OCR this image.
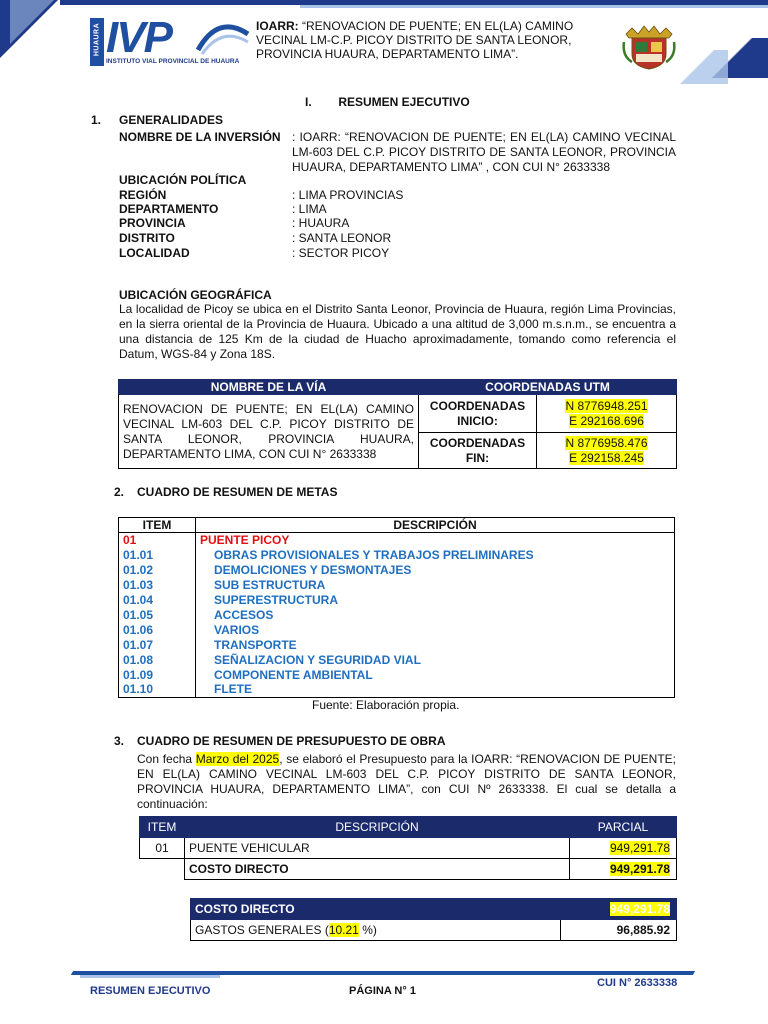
HUAURA IVP
INSTITUTO VIAL PROVINCIAL DE HUAURA
IOARR: “RENOVACION DE PUENTE; EN EL(LA) CAMINO VECINAL LM-C.P. PICOY DISTRITO DE SANTA LEONOR, PROVINCIA HUAURA, DEPARTAMENTO LIMA”.
I.        RESUMEN EJECUTIVO
1. GENERALIDADES
NOMBRE DE LA INVERSIÓN : IOARR: “RENOVACION DE PUENTE; EN EL(LA) CAMINO VECINAL LM-603 DEL C.P. PICOY DISTRITO DE SANTA LEONOR, PROVINCIA HUAURA, DEPARTAMENTO LIMA” , CON CUI N° 2633338
UBICACIÓN POLÍTICA
REGIÓN	: LIMA PROVINCIAS
DEPARTAMENTO	: LIMA
PROVINCIA	: HUAURA
DISTRITO	: SANTA LEONOR
LOCALIDAD	: SECTOR PICOY
UBICACIÓN GEOGRÁFICA
La localidad de Picoy se ubica en el Distrito Santa Leonor, Provincia de Huaura, región Lima Provincias, en la sierra oriental de la Provincia de Huaura. Ubicado a una altitud de 3,000 m.s.n.m., se encuentra a una distancia de 125 Km de la ciudad de Huacho aproximadamente, tomando como referencia el Datum, WGS-84 y Zona 18S.
NOMBRE DE LA VÍA	COORDENADAS UTM	
RENOVACION DE PUENTE; EN EL(LA) CAMINO VECINAL LM-603 DEL C.P. PICOY DISTRITO DE SANTA LEONOR, PROVINCIA HUAURA, DEPARTAMENTO LIMA, CON CUI N° 2633338	COORDENADAS INICIO:	N 8776948.251
E 292168.696
	COORDENADAS FIN:	N 8776958.476
E 292158.245
2. CUADRO DE RESUMEN DE METAS
ITEM	DESCRIPCIÓN
01	PUENTE PICOY
01.01	OBRAS PROVISIONALES Y TRABAJOS PRELIMINARES
01.02	DEMOLICIONES Y DESMONTAJES
01.03	SUB ESTRUCTURA
01.04	SUPERESTRUCTURA
01.05	ACCESOS
01.06	VARIOS
01.07	TRANSPORTE
01.08	SEÑALIZACION Y SEGURIDAD VIAL
01.09	COMPONENTE AMBIENTAL
01.10	FLETE
Fuente: Elaboración propia.
3. CUADRO DE RESUMEN DE PRESUPUESTO DE OBRA
Con fecha Marzo del 2025, se elaboró el Presupuesto para la IOARR: “RENOVACION DE PUENTE; EN EL(LA) CAMINO VECINAL LM-603 DEL C.P. PICOY DISTRITO DE SANTA LEONOR, PROVINCIA HUAURA, DEPARTAMENTO LIMA”, con CUI Nº 2633338. El cual se detalla a continuación:
ITEM	DESCRIPCIÓN	PARCIAL
01	PUENTE VEHICULAR	949,291.78
	COSTO DIRECTO	949,291.78
COSTO DIRECTO	949,291.78
GASTOS GENERALES (10.21 %)	96,885.92
RESUMEN EJECUTIVO	PÁGINA N° 1
CUI N° 2633338
